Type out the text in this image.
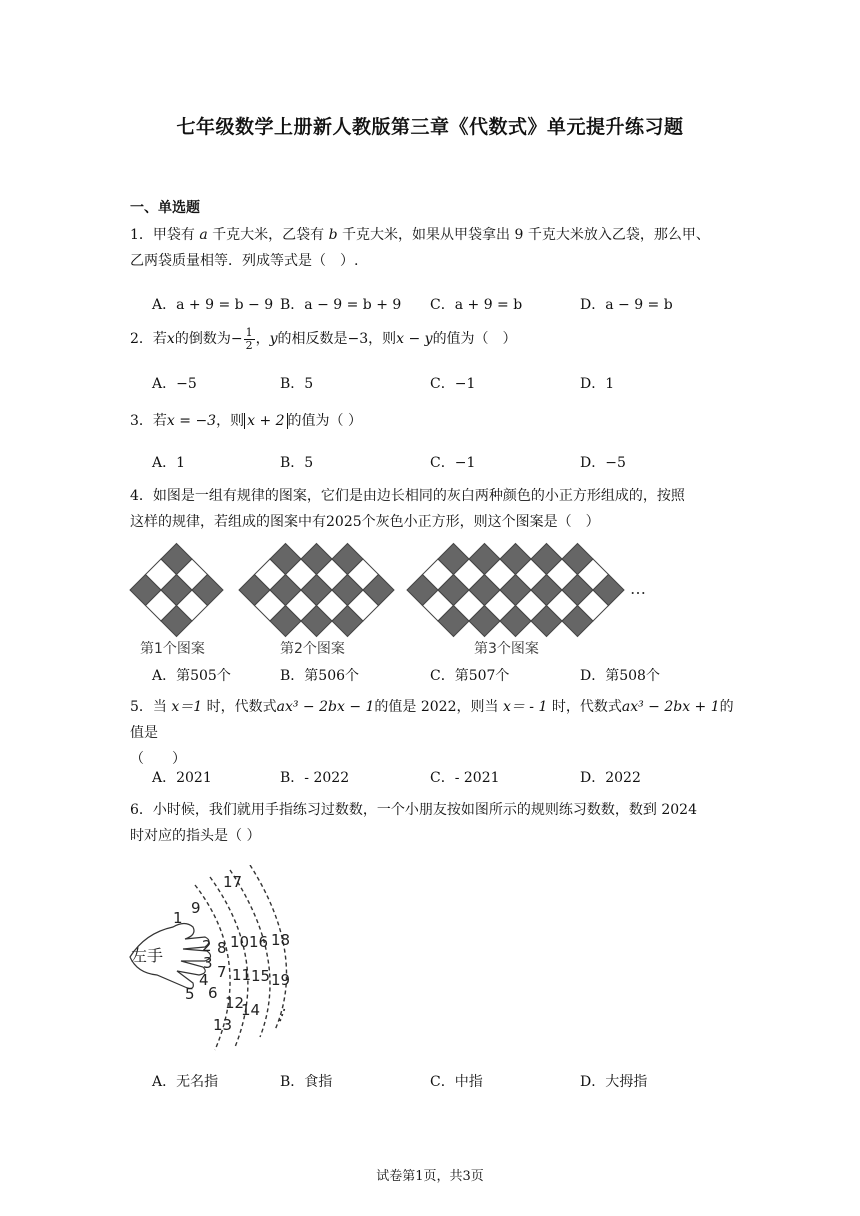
七年级数学上册新人教版第三章《代数式》单元提升练习题
一、单选题
1．甲袋有 a 千克大米，乙袋有 b 千克大米，如果从甲袋拿出 9 千克大米放入乙袋，那么甲、
乙两袋质量相等．列成等式是（　）.
A．a + 9 = b − 9 B．a − 9 = b + 9 C．a + 9 = b	D．a − 9 = b
2．若x的倒数为− $\frac{1}{2}$ ，y的相反数是−3，则x − y的值为（　）
A．−5	B．5	C．−1	D．1
3．若x = −3，则 x + 2 的值为（ ）
A．1	B．5	C．−1	D．−5
4．如图是一组有规律的图案，它们是由边长相同的灰白两种颜色的小正方形组成的，按照
这样的规律，若组成的图案中有2025个灰色小正方形，则这个图案是（　）
…
第1个图案	第2个图案	第3个图案
A．第505个	B．第506个	C．第507个	D．第508个
5．当 x＝1 时，代数式ax³ − 2bx − 1的值是 2022，则当 x＝ - 1 时，代数式ax³ − 2bx + 1的值是
（　　）
A．2021	B．- 2022	C．- 2021	D．2022
6．小时候，我们就用手指练习过数数，一个小朋友按如图所示的规则练习数数，数到 2024
时对应的指头是（ ）
左手
1
2
3
4
5 6
7
8
9
10
11
12
13
14
15
16
17
18
19
⋮
A．无名指	B．食指	C．中指	D．大拇指
试卷第1页，共3页
